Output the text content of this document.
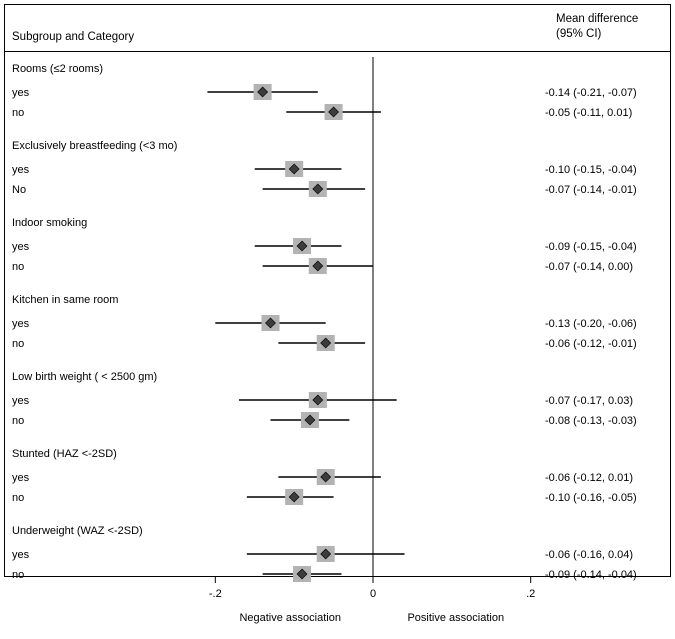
Subgroup and Category
Mean difference
(95% CI)
Rooms (≤2 rooms)
yes	-0.14 (-0.21, -0.07)
no	-0.05 (-0.11, 0.01)
Exclusively breastfeeding (<3 mo)
yes	-0.10 (-0.15, -0.04)
No	-0.07 (-0.14, -0.01)
Indoor smoking
yes	-0.09 (-0.15, -0.04)
no	-0.07 (-0.14, 0.00)
Kitchen in same room
yes	-0.13 (-0.20, -0.06)
no	-0.06 (-0.12, -0.01)
Low birth weight ( < 2500 gm)
yes	-0.07 (-0.17, 0.03)
no	-0.08 (-0.13, -0.03)
Stunted (HAZ <-2SD)
yes	-0.06 (-0.12, 0.01)
no	-0.10 (-0.16, -0.05)
Underweight (WAZ <-2SD)
yes	-0.06 (-0.16, 0.04)
no	-0.09 (-0.14, -0.04)
-.2	0	.2
Negative association	Positive association
